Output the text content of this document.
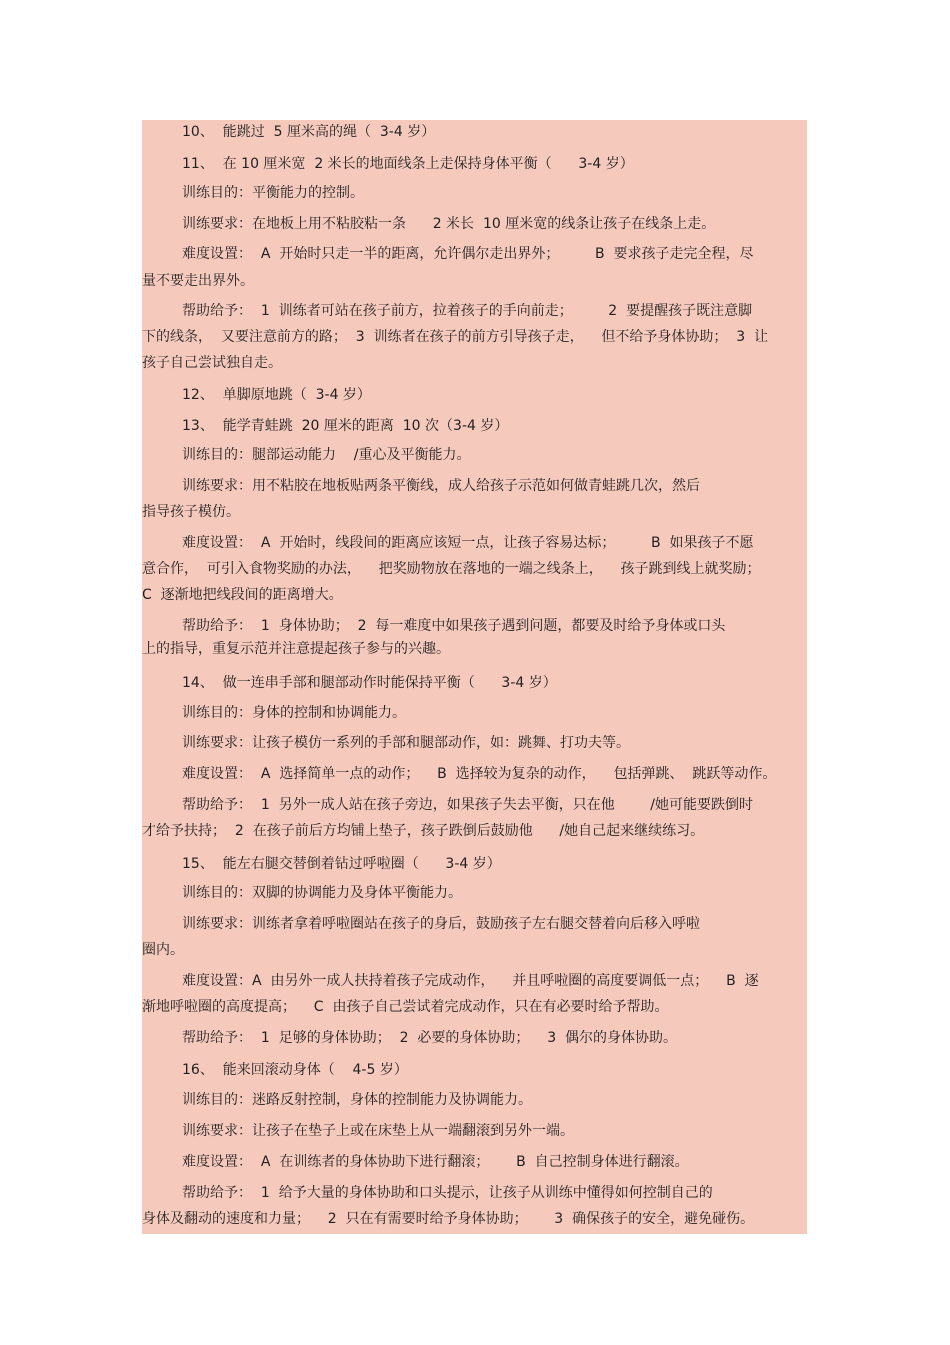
10、  能跳过  5 厘米高的绳（  3-4 岁）

11、  在 10 厘米宽  2 米长的地面线条上走保持身体平衡（      3-4 岁）

训练目的：平衡能力的控制。

训练要求：在地板上用不粘胶粘一条      2 米长  10 厘米宽的线条让孩子在线条上走。

难度设置：  A  开始时只走一半的距离，允许偶尔走出界外；        B  要求孩子走完全程，尽

量不要走出界外。

帮助给予：  1  训练者可站在孩子前方，拉着孩子的手向前走；        2  要提醒孩子既注意脚

下的线条，  又要注意前方的路；  3  训练者在孩子的前方引导孩子走，    但不给予身体协助；  3  让

孩子自己尝试独自走。

12、  单脚原地跳（  3-4 岁）

13、  能学青蛙跳  20 厘米的距离  10 次（3-4 岁）

训练目的：腿部运动能力    /重心及平衡能力。

训练要求：用不粘胶在地板贴两条平衡线，成人给孩子示范如何做青蛙跳几次，然后

指导孩子模仿。

难度设置：  A  开始时，线段间的距离应该短一点，让孩子容易达标；        B  如果孩子不愿

意合作，  可引入食物奖励的办法，    把奖励物放在落地的一端之线条上，    孩子跳到线上就奖励；

C  逐渐地把线段间的距离增大。

帮助给予：  1  身体协助；  2  每一难度中如果孩子遇到问题，都要及时给予身体或口头

上的指导，重复示范并注意提起孩子参与的兴趣。

14、  做一连串手部和腿部动作时能保持平衡（      3-4 岁）

训练目的：身体的控制和协调能力。

训练要求：让孩子模仿一系列的手部和腿部动作，如：跳舞、打功夫等。

难度设置：  A  选择简单一点的动作；    B  选择较为复杂的动作，    包括弹跳、  跳跃等动作。

帮助给予：  1  另外一成人站在孩子旁边，如果孩子失去平衡，只在他        /她可能要跌倒时

才给予扶持；  2  在孩子前后方均铺上垫子，孩子跌倒后鼓励他      /她自己起来继续练习。

15、  能左右腿交替倒着钻过呼啦圈（      3-4 岁）

训练目的：双脚的协调能力及身体平衡能力。

训练要求：训练者拿着呼啦圈站在孩子的身后，鼓励孩子左右腿交替着向后移入呼啦

圈内。

难度设置：A  由另外一成人扶持着孩子完成动作，    并且呼啦圈的高度要调低一点；    B  逐

渐地呼啦圈的高度提高；    C  由孩子自己尝试着完成动作，只在有必要时给予帮助。

帮助给予：  1  足够的身体协助；  2  必要的身体协助；    3  偶尔的身体协助。

16、  能来回滚动身体（    4-5 岁）

训练目的：迷路反射控制，身体的控制能力及协调能力。

训练要求：让孩子在垫子上或在床垫上从一端翻滚到另外一端。

难度设置：  A  在训练者的身体协助下进行翻滚；      B  自己控制身体进行翻滚。

帮助给予：  1  给予大量的身体协助和口头提示，让孩子从训练中懂得如何控制自己的

身体及翻动的速度和力量；    2  只在有需要时给予身体协助；      3  确保孩子的安全，避免碰伤。
